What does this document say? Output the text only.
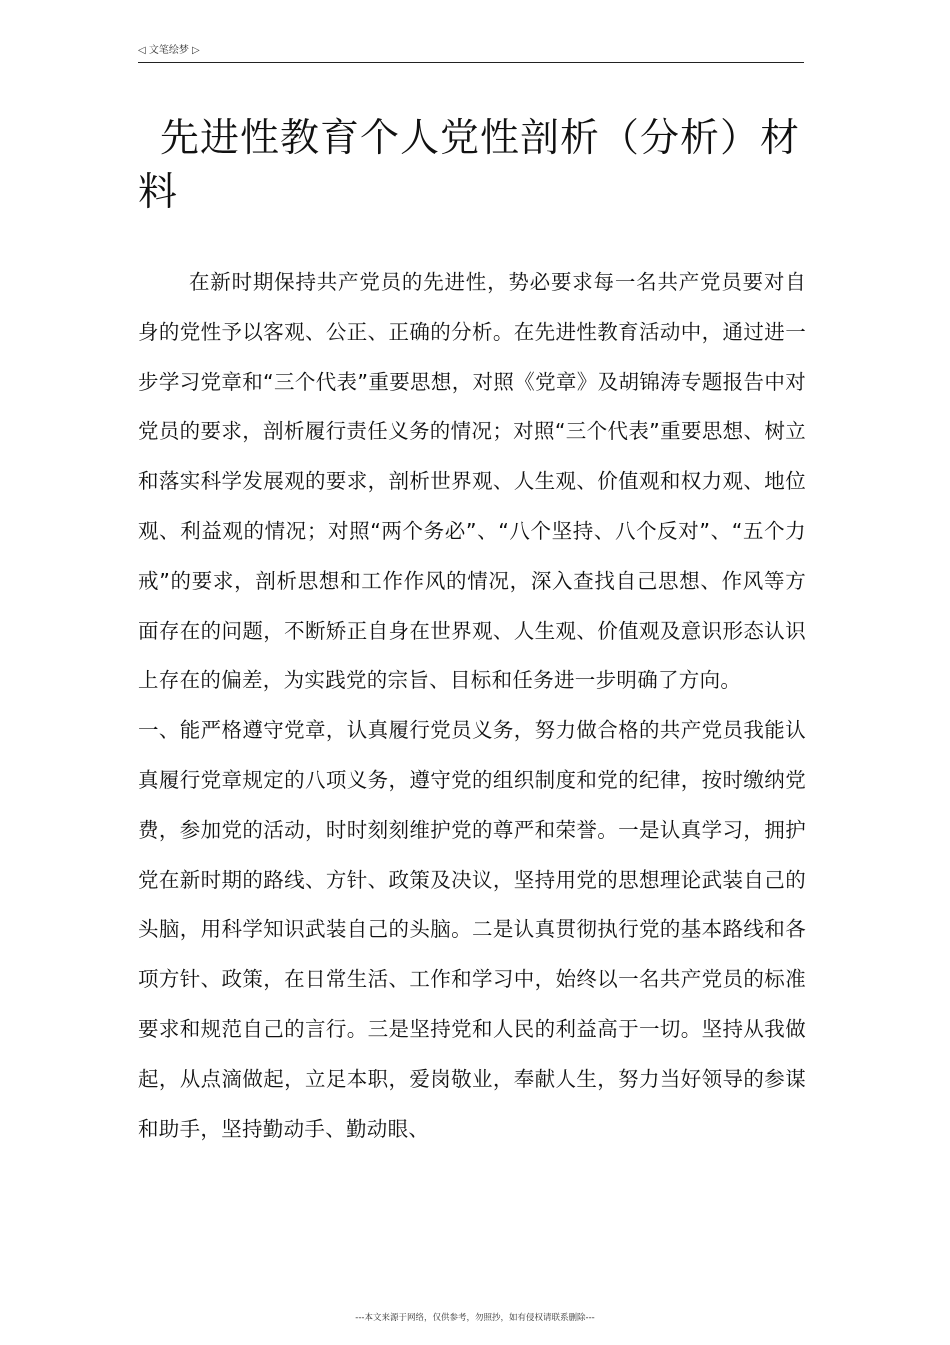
◁ 文笔绘梦 ▷
先进性教育个人党性剖析（分析）材料

在新时期保持共产党员的先进性，势必要求每一名共产党员要对自身的党性予以客观、公正、正确的分析。在先进性教育活动中，通过进一步学习党章和“三个代表”重要思想，对照《党章》及胡锦涛专题报告中对党员的要求，剖析履行责任义务的情况；对照“三个代表”重要思想、树立和落实科学发展观的要求，剖析世界观、人生观、价值观和权力观、地位观、利益观的情况；对照“两个务必”、“八个坚持、八个反对”、“五个力戒”的要求，剖析思想和工作作风的情况，深入查找自己思想、作风等方面存在的问题，不断矫正自身在世界观、人生观、价值观及意识形态认识上存在的偏差，为实践党的宗旨、目标和任务进一步明确了方向。

一、能严格遵守党章，认真履行党员义务，努力做合格的共产党员我能认真履行党章规定的八项义务，遵守党的组织制度和党的纪律，按时缴纳党费，参加党的活动，时时刻刻维护党的尊严和荣誉。一是认真学习，拥护党在新时期的路线、方针、政策及决议，坚持用党的思想理论武装自己的头脑，用科学知识武装自己的头脑。二是认真贯彻执行党的基本路线和各项方针、政策，在日常生活、工作和学习中，始终以一名共产党员的标准要求和规范自己的言行。三是坚持党和人民的利益高于一切。坚持从我做起，从点滴做起，立足本职，爱岗敬业，奉献人生，努力当好领导的参谋和助手，坚持勤动手、勤动眼、

---本文来源于网络，仅供参考，勿照抄，如有侵权请联系删除---
